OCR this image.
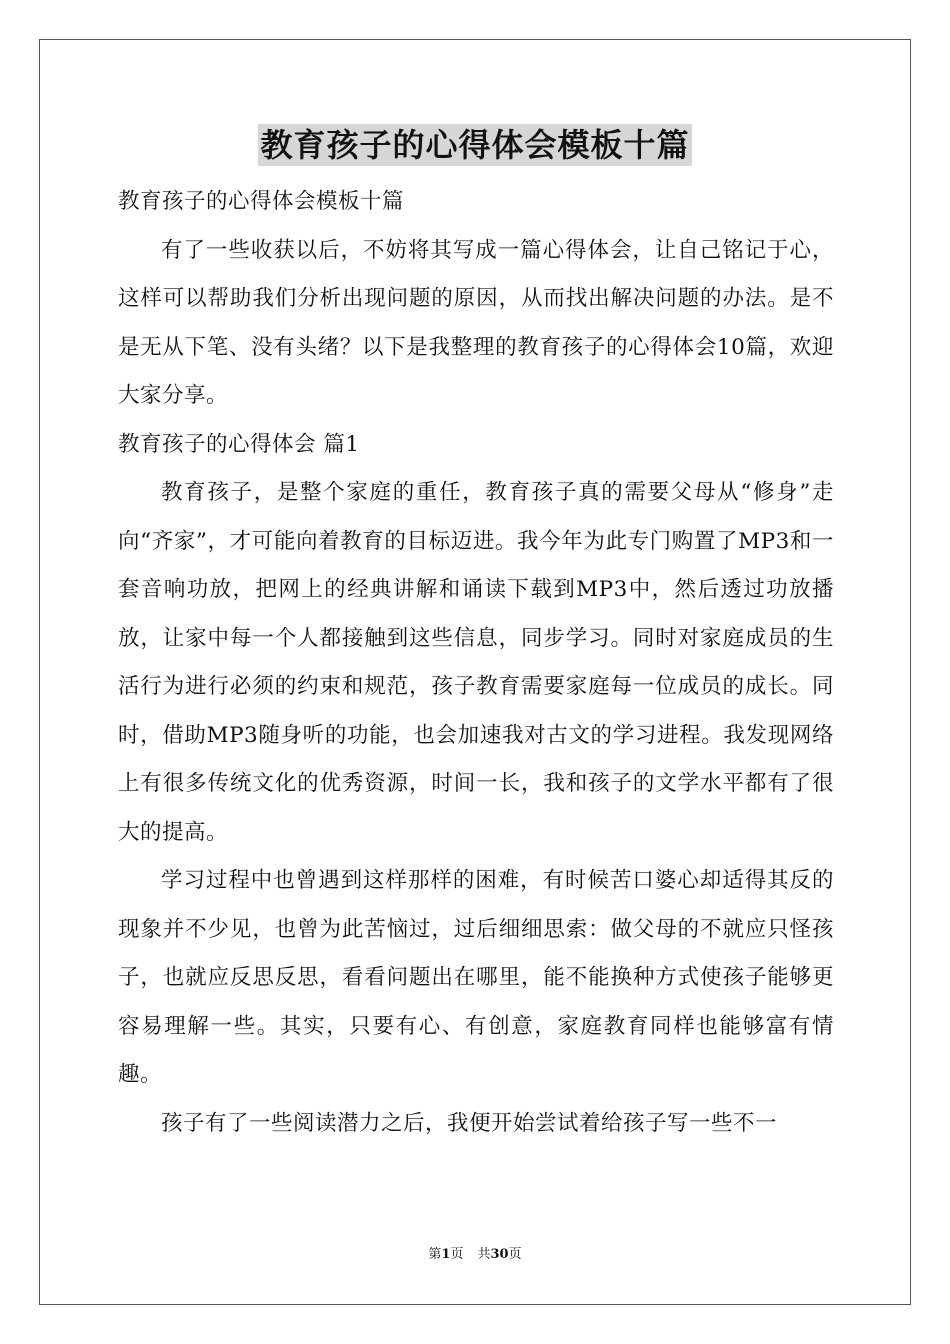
教育孩子的心得体会模板十篇

教育孩子的心得体会模板十篇

有了一些收获以后，不妨将其写成一篇心得体会，让自己铭记于心，这样可以帮助我们分析出现问题的原因，从而找出解决问题的办法。是不是无从下笔、没有头绪？以下是我整理的教育孩子的心得体会10篇，欢迎大家分享。

教育孩子的心得体会 篇1

教育孩子，是整个家庭的重任，教育孩子真的需要父母从“修身”走向“齐家”，才可能向着教育的目标迈进。我今年为此专门购置了MP3和一套音响功放，把网上的经典讲解和诵读下载到MP3中，然后透过功放播放，让家中每一个人都接触到这些信息，同步学习。同时对家庭成员的生活行为进行必须的约束和规范，孩子教育需要家庭每一位成员的成长。同时，借助MP3随身听的功能，也会加速我对古文的学习进程。我发现网络上有很多传统文化的优秀资源，时间一长，我和孩子的文学水平都有了很大的提高。

学习过程中也曾遇到这样那样的困难，有时候苦口婆心却适得其反的现象并不少见，也曾为此苦恼过，过后细细思索：做父母的不就应只怪孩子，也就应反思反思，看看问题出在哪里，能不能换种方式使孩子能够更容易理解一些。其实，只要有心、有创意，家庭教育同样也能够富有情趣。

孩子有了一些阅读潜力之后，我便开始尝试着给孩子写一些不一

第1页 共30页
